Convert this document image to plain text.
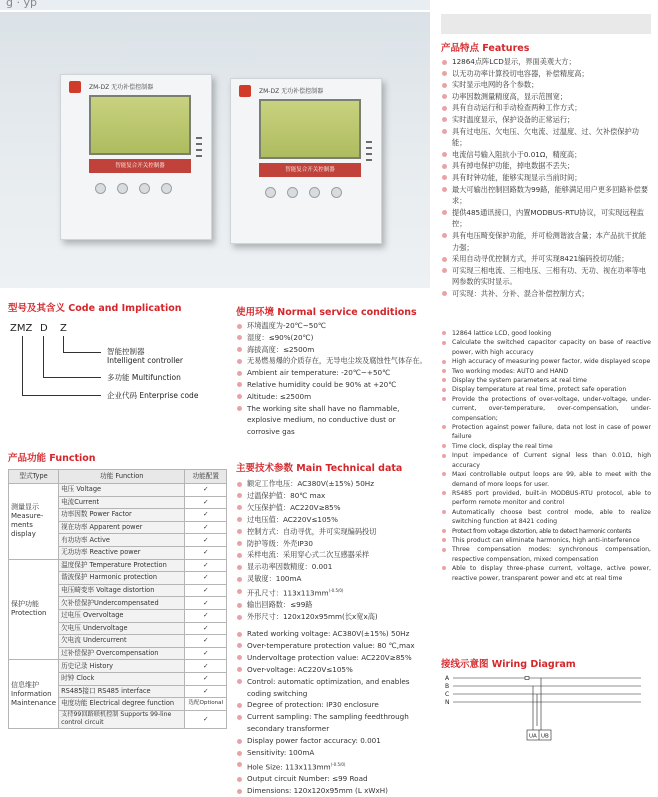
g · yp
ZM-DZ 无功补偿控制器
智能复合开关控制器
ZM-DZ 无功补偿控制器
智能复合开关控制器
型号及其含义 Code and Implication
ZMZ D Z
智能控制器
Intelligent controller
多功能 Multifunction
企业代码 Enterprise code
产品功能 Function
型式Type	功能 Function	功能配置
测量显示 Measure-ments display	电压 Voltage	✓
	电流Current	✓
	功率因数 Power Factor	✓
	视在功率 Apparent power	✓
	有功功率 Active	✓
	无功功率 Reactive power	✓
保护功能 Protection	温度保护 Temperature Protection	✓
	谐波保护 Harmonic protection	✓
	电压畸变率 Voltage distortion	✓
	欠补偿保护Undercompensated	✓
	过电压 Overvoltage	✓
	欠电压 Undervoltage	✓
	欠电流 Undercurrent	✓
	过补偿保护 Overcompensation	✓
信息维护 Information Maintenance	历史记录 History	✓
	时钟 Clock	✓
	RS485接口 RS485 interface	✓
	电度功能 Electrical degree function	选配Optional
	支持99回路联机控制 Supports 99-line control circuit	✓
使用环境 Normal service conditions
环境温度为-20℃~50℃
湿度：≤90%(20℃)
海拔高度：≤2500m
无易燃易爆的介质存在，无导电尘埃及腐蚀性气体存在。
Ambient air temperature: -20℃~+50℃
Relative humidity could be 90% at +20℃
Altitude: ≤2500m
The working site shall have no flammable, explosive medium, no conductive dust or corrosive gas
主要技术参数 Main Technical data
额定工作电压：AC380V(±15%) 50Hz
过温保护值：80℃ max
欠压保护值：AC220V≥85%
过电压值：AC220V≤105%
控制方式：自动寻优，并可实现编码投切
防护等级：外壳IP30
采样电流：采用穿心式二次互感器采样
显示功率因数精度：0.001
灵敏度：100mA
开孔尺寸：$113x113mm^{(-0.5/0)}$
输出回路数：≤99路
外形尺寸：120x120x95mm(长x宽x高)
Rated working voltage: AC380V(±15%) 50Hz
Over-temperature protection value: 80 ℃,max
Undervoltage protection value: AC220V≥85%
Over-voltage: AC220V≤105%
Control: automatic optimization, and enables coding switching
Degree of protection: IP30 enclosure
Current sampling: The sampling feedthrough secondary transformer
Display power factor accuracy: 0.001
Sensitivity: 100mA
Hole Size: $113x113mm^{(-0.5/0)}$
Output circuit Number: ≤99 Road
Dimensions: 120x120x95mm (L xWxH)
产品特点 Features
12864点阵LCD显示，界面美观大方；
以无功功率计算投切电容器，补偿精度高；
实时显示电网的各个参数；
功率因数测量精度高，显示范围宽；
具有自动运行和手动检查两种工作方式；
实时温度显示，保护设备的正常运行；
具有过电压、欠电压、欠电流、过温度、过、欠补偿保护功能；
电流信号输入阻抗小于0.01Ω，精度高；
具有掉电保护功能，掉电数据不丢失；
具有时钟功能，能够实现显示当前时间；
最大可输出控制回路数为99路，能够满足用户更多回路补偿要求；
提供485通讯接口，内置MODBUS-RTU协议，可实现远程监控；
具有电压畸变保护功能，并可检测谐波含量；本产品抗干扰能力强；
采用自动寻优控制方式，并可实现8421编码投切功能；
可实现三相电流、三相电压、三相有功、无功、视在功率等电网参数的实时显示。
可实现：共补、分补、混合补偿控制方式；
12864 lattice LCD, good looking
Calculate the switched capacitor capacity on base of reactive power, with high accuracy
High accuracy of measuring power factor, wide displayed scope
Two working modes: AUTO and HAND
Display the system parameters at real time
Display temperature at real time, protect safe operation
Provide the protections of over-voltage, under-voltage, under-current, over-temperature, over-compensation, under-compensation;
Protection against power failure, data not lost in case of power failure
Time clock, display the real time
Input impedance of Current signal less than 0.01Ω, high accuracy
Maxi controllable output loops are 99, able to meet with the demand of more loops for user.
RS485 port provided, built-in MODBUS-RTU protocol, able to perform remote monitor and control
Automatically choose best control mode, able to realize switching function at 8421 coding
Protect from voltage distortion, able to detect harmonic contents
This product can eliminate harmonics, high anti-interference
Three compensation modes: synchronous compensation, respective compensation, mixed compensation
Able to display three-phase current, voltage, active power, reactive power, transparent power and etc at real time
接线示意图 Wiring Diagram
A
B
C
N
UA UB
